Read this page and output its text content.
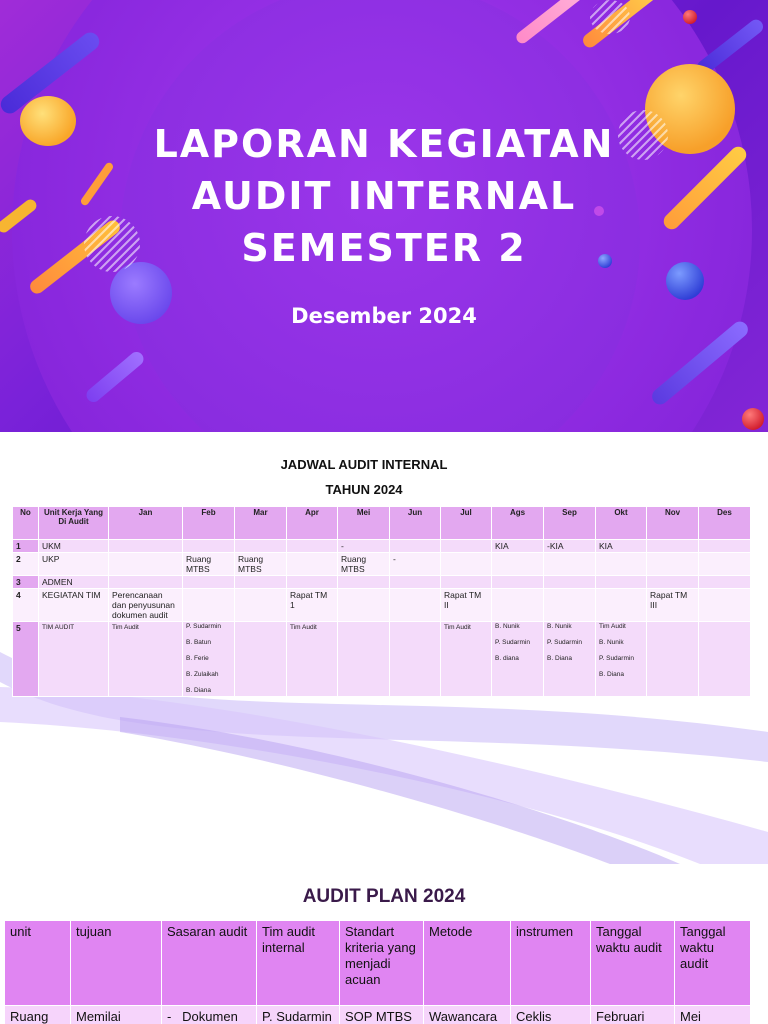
LAPORAN KEGIATAN
AUDIT INTERNAL
SEMESTER 2
Desember 2024
JADWAL AUDIT INTERNAL
TAHUN 2024
No	Unit Kerja Yang Di Audit	Jan	Feb	Mar	Apr	Mei	Jun	Jul	Ags	Sep	Okt	Nov	Des
1	UKM					-			KIA	-KIA	KIA		
2	UKP		Ruang MTBS	Ruang MTBS		Ruang MTBS	-						
3	ADMEN												
4	KEGIATAN TIM	Perencanaan dan penyusunan dokumen audit			Rapat TM 1			Rapat TM II				Rapat TM III	
5	TIM AUDIT	Tim Audit	P. Sudarmin
B. Batun
B. Ferie
B. Zulaikah
B. Diana		Tim Audit			Tim Audit	B. Nunik
P. Sudarmin
B. diana	B. Nunik
P. Sudarmin
B. Diana	Tim Audit
B. Nunik
P. Sudarmin
B. Diana		

AUDIT PLAN 2024
unit	tujuan	Sasaran audit	Tim audit internal	Standart kriteria yang menjadi acuan	Metode	instrumen	Tanggal waktu audit	Tanggal waktu audit
Ruang	Memilai	-   Dokumen	P. Sudarmin	SOP MTBS	Wawancara	Ceklis	Februari	Mei
